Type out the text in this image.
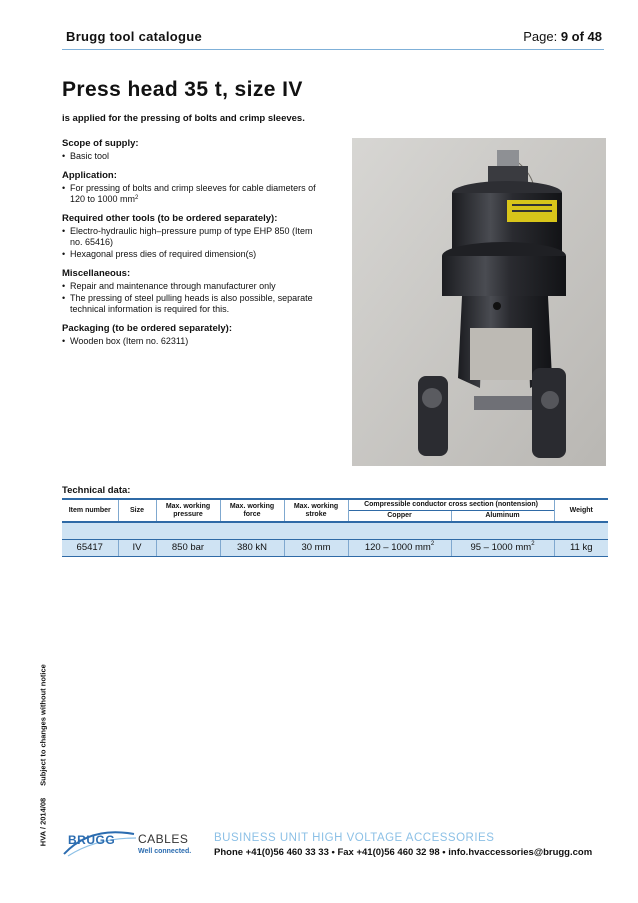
Brugg tool catalogue	Page: 9 of 48
Press head 35 t, size IV
is applied for the pressing of bolts and crimp sleeves.
Scope of supply:
• Basic tool
Application:
• For pressing of bolts and crimp sleeves for cable diameters of 120 to 1000 $mm^2$
Required other tools (to be ordered separately):
• Electro-hydraulic high–pressure pump of type EHP 850 (Item no. 65416)
• Hexagonal press dies of required dimension(s)
Miscellaneous:
• Repair and maintenance through manufacturer only
• The pressing of steel pulling heads is also possible, separate technical information is required for this.
Packaging (to be ordered separately):
• Wooden box (Item no. 62311)
Technical data:
Item number	Size	Max. working pressure	Max. working force	Max. working stroke	Compressible conductor cross section (nontension)		Weight
					Copper	Aluminum	

65417	IV	850 bar	380 kN	30 mm	120 – 1000 $mm^2$	95 – 1000 $mm^2$	11 kg
Subject to changes without notice
HVA / 2014/08 BRUGG CABLES
Well connected.
BUSINESS UNIT HIGH VOLTAGE ACCESSORIES
Phone +41(0)56 460 33 33 • Fax +41(0)56 460 32 98 • info.hvaccessories@brugg.com
